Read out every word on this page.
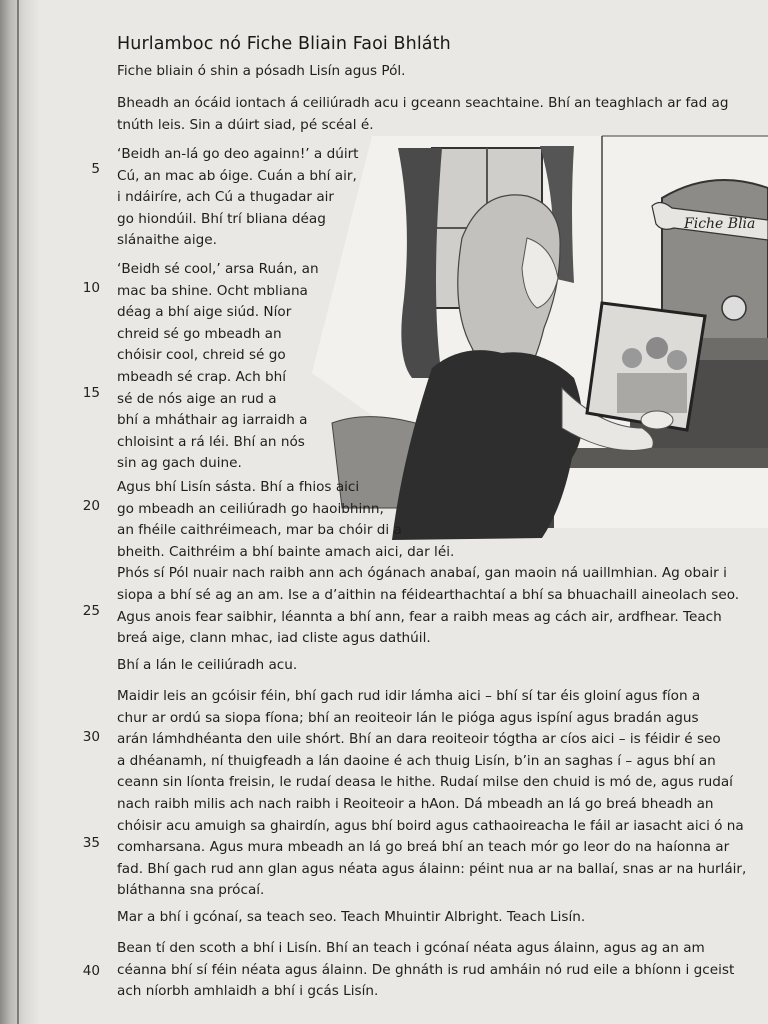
Hurlamboc nó Fiche Bliain Faoi Bhláth
Fiche Blia
5
10
15
20
25
30
35
40

Fiche bliain ó shin a pósadh Lisín agus Pól.

Bheadh an ócáid iontach á ceiliúradh acu i gceann seachtaine. Bhí an teaghlach ar fad ag
tnúth leis. Sin a dúirt siad, pé scéal é.

‘Beidh an-lá go deo againn!’ a dúirt
Cú, an mac ab óige. Cuán a bhí air,
i ndáiríre, ach Cú a thugadar air
go hiondúil. Bhí trí bliana déag
slánaithe aige.

‘Beidh sé cool,’ arsa Ruán, an
mac ba shine. Ocht mbliana
déag a bhí aige siúd. Níor
chreid sé go mbeadh an
chóisir cool, chreid sé go
mbeadh sé crap. Ach bhí
sé de nós aige an rud a
bhí a mháthair ag iarraidh a
chloisint a rá léi. Bhí an nós
sin ag gach duine.

Agus bhí Lisín sásta. Bhí a fhios aici
go mbeadh an ceiliúradh go haoibhinn,
an fhéile caithréimeach, mar ba chóir di a
bheith. Caithréim a bhí bainte amach aici, dar léi.
Phós sí Pól nuair nach raibh ann ach ógánach anabaí, gan maoin ná uaillmhian. Ag obair i
siopa a bhí sé ag an am. Ise a d’aithin na féidearthachtaí a bhí sa bhuachaill aineolach seo.
Agus anois fear saibhir, léannta a bhí ann, fear a raibh meas ag cách air, ardfhear. Teach
breá aige, clann mhac, iad cliste agus dathúil.

Bhí a lán le ceiliúradh acu.

Maidir leis an gcóisir féin, bhí gach rud idir lámha aici – bhí sí tar éis gloiní agus fíon a
chur ar ordú sa siopa fíona; bhí an reoiteoir lán le pióga agus ispíní agus bradán agus
arán lámhdhéanta den uile shórt. Bhí an dara reoiteoir tógtha ar cíos aici – is féidir é seo
a dhéanamh, ní thuigfeadh a lán daoine é ach thuig Lisín, b’in an saghas í – agus bhí an
ceann sin líonta freisin, le rudaí deasa le hithe. Rudaí milse den chuid is mó de, agus rudaí
nach raibh milis ach nach raibh i Reoiteoir a hAon. Dá mbeadh an lá go breá bheadh an
chóisir acu amuigh sa ghairdín, agus bhí boird agus cathaoireacha le fáil ar iasacht aici ó na
comharsana. Agus mura mbeadh an lá go breá bhí an teach mór go leor do na haíonna ar
fad. Bhí gach rud ann glan agus néata agus álainn: péint nua ar na ballaí, snas ar na hurláir,
bláthanna sna prócaí.

Mar a bhí i gcónaí, sa teach seo. Teach Mhuintir Albright. Teach Lisín.

Bean tí den scoth a bhí i Lisín. Bhí an teach i gcónaí néata agus álainn, agus ag an am
céanna bhí sí féin néata agus álainn. De ghnáth is rud amháin nó rud eile a bhíonn i gceist
ach níorbh amhlaidh a bhí i gcás Lisín.
